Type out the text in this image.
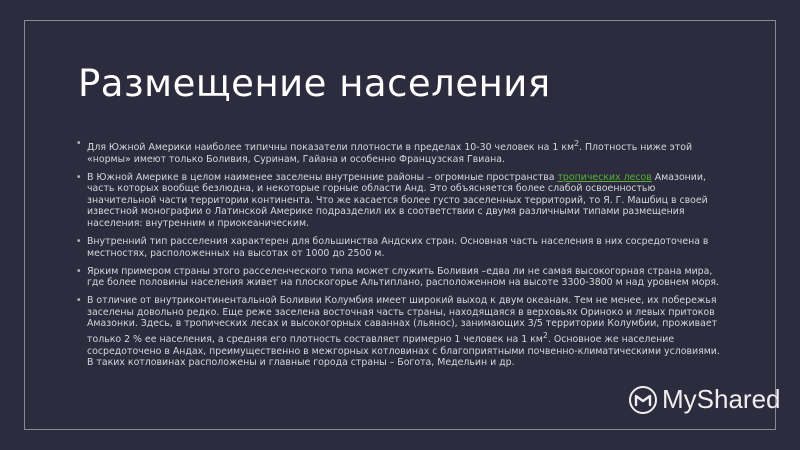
Размещение населения
• Для Южной Америки наиболее типичны показатели плотности в пределах 10-30 человек на 1 $км^2$. Плотность ниже этой «нормы» имеют только Боливия, Суринам, Гайана и особенно Французская Гвиана.
• В Южной Америке в целом наименее заселены внутренние районы – огромные пространства тропических лесов Амазонии, часть которых вообще безлюдна, и некоторые горные области Анд. Это объясняется более слабой освоенностью значительной части территории континента. Что же касается более густо заселенных территорий, то Я. Г. Машбиц в своей известной монографии о Латинской Америке подразделил их в соответствии с двумя различными типами размещения населения: внутренним и приокеаническим.
• Внутренний тип расселения характерен для большинства Андских стран. Основная часть населения в них сосредоточена в местностях, расположенных на высотах от 1000 до 2500 м.
• Ярким примером страны этого расселенческого типа может служить Боливия –едва ли не самая высокогорная страна мира, где более половины населения живет на плоскогорье Альтиплано, расположенном на высоте 3300-3800 м над уровнем моря.
• В отличие от внутриконтинентальной Боливии Колумбия имеет широкий выход к двум океанам. Тем не менее, их побережья заселены довольно редко. Еще реже заселена восточная часть страны, находящаяся в верховьях Ориноко и левых притоков Амазонки. Здесь, в тропических лесах и высокогорных саваннах (льянос), занимающих 3/5 территории Колумбии, проживает только 2 % ее населения, а средняя его плотность составляет примерно 1 человек на 1 $км^2$. Основное же население сосредоточено в Андах, преимущественно в межгорных котловинах с благоприятными почвенно-климатическими условиями. В таких котловинах расположены и главные города страны – Богота, Медельин и др.
MyShared
